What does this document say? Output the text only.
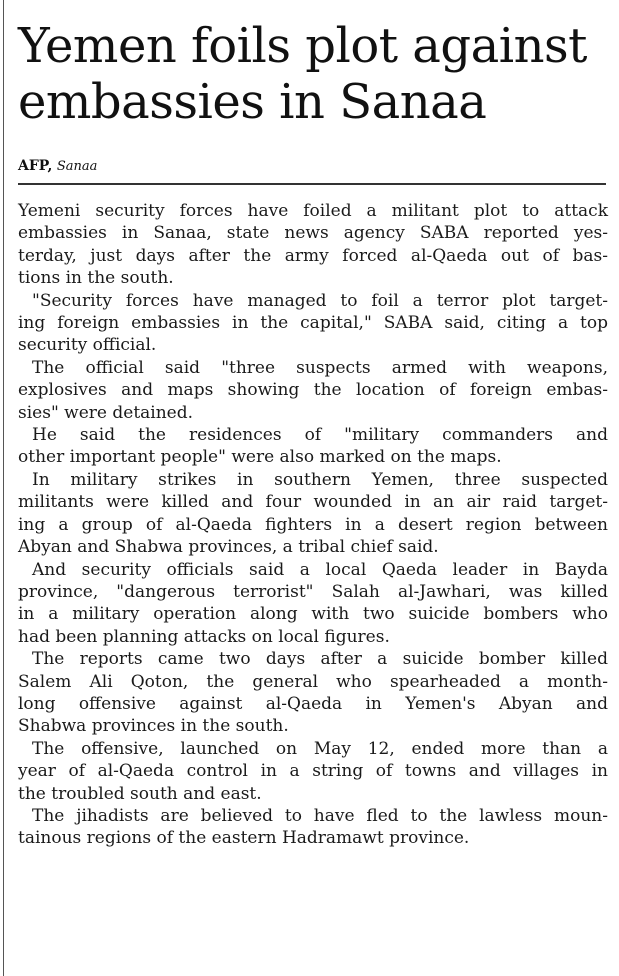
Yemen foils plot against
embassies in Sanaa
AFP, Sanaa
Yemeni security forces have foiled a militant plot to attack
embassies in Sanaa, state news agency SABA reported yes-
terday, just days after the army forced al-Qaeda out of bas-
tions in the south.
"Security forces have managed to foil a terror plot target-
ing foreign embassies in the capital," SABA said, citing a top
security official.
The official said "three suspects armed with weapons,
explosives and maps showing the location of foreign embas-
sies" were detained.
He said the residences of "military commanders and
other important people" were also marked on the maps.
In military strikes in southern Yemen, three suspected
militants were killed and four wounded in an air raid target-
ing a group of al-Qaeda fighters in a desert region between
Abyan and Shabwa provinces, a tribal chief said.
And security officials said a local Qaeda leader in Bayda
province, "dangerous terrorist" Salah al-Jawhari, was killed
in a military operation along with two suicide bombers who
had been planning attacks on local figures.
The reports came two days after a suicide bomber killed
Salem Ali Qoton, the general who spearheaded a month-
long offensive against al-Qaeda in Yemen's Abyan and
Shabwa provinces in the south.
The offensive, launched on May 12, ended more than a
year of al-Qaeda control in a string of towns and villages in
the troubled south and east.
The jihadists are believed to have fled to the lawless moun-
tainous regions of the eastern Hadramawt province.
